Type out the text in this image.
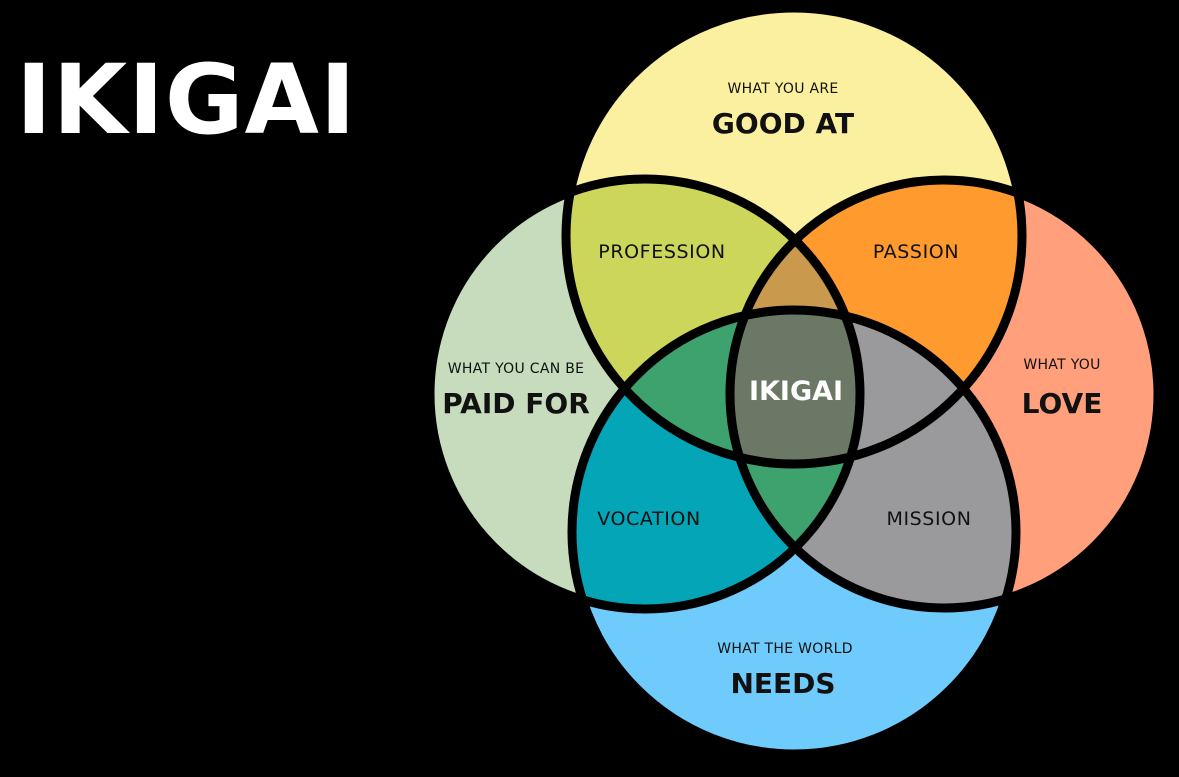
IKIGAI	WHAT YOU ARE
GOOD AT
WHAT YOU
LOVE
WHAT THE WORLD
NEEDS
WHAT YOU CAN BE
PAID FOR
PROFESSION	PASSION
VOCATION	MISSION
IKIGAI
